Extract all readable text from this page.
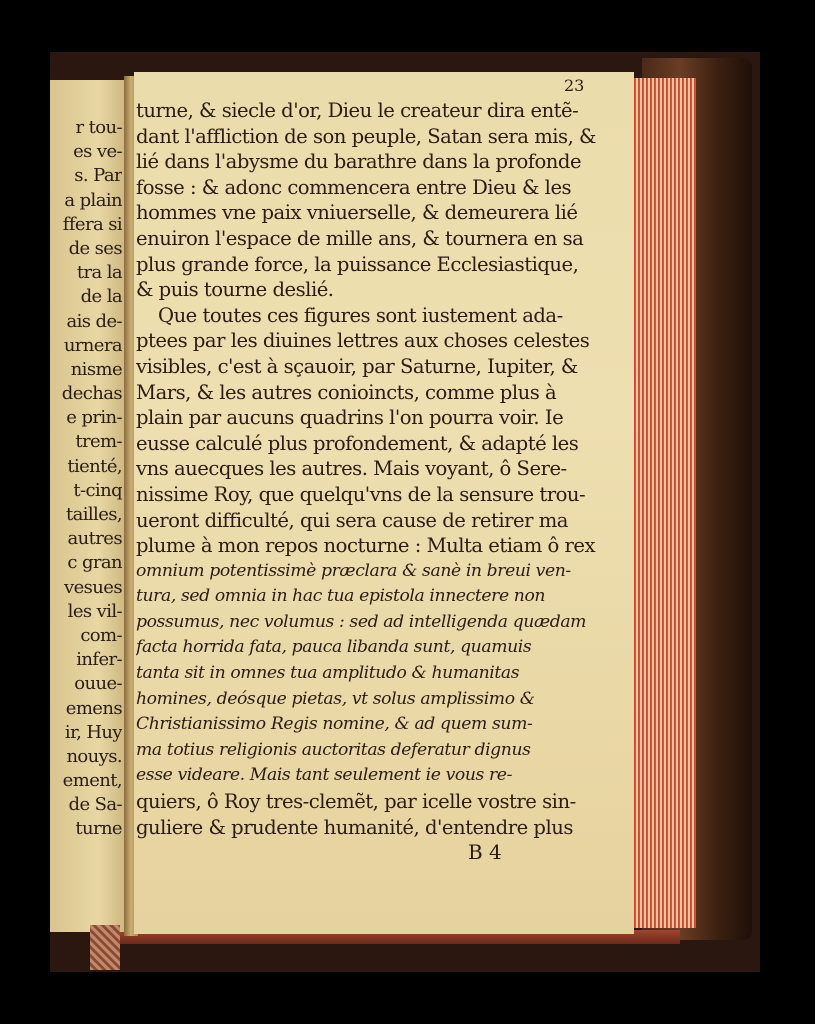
23
r tou-
es ve-
s. Par
a plain
ffera si
de ses
tra la
de la
ais de-
urnera
nisme
dechas
e prin-
trem-
tienté,
t-cinq
tailles,
autres
c gran
vesues
les vil-
com-
infer-
ouue-
emens
ir, Huy
nouys.
ement,
de Sa-
turne
turne, & siecle d'or, Dieu le createur dira entẽ-
dant l'affliction de son peuple, Satan sera mis, &
lié dans l'abysme du barathre dans la profonde
fosse : & adonc commencera entre Dieu & les
hommes vne paix vniuerselle, & demeurera lié
enuiron l'espace de mille ans, & tournera en sa
plus grande force, la puissance Ecclesiastique,
& puis tourne deslié.
Que toutes ces figures sont iustement ada-
ptees par les diuines lettres aux choses celestes
visibles, c'est à sçauoir, par Saturne, Iupiter, &
Mars, & les autres conioincts, comme plus à
plain par aucuns quadrins l'on pourra voir. Ie
eusse calculé plus profondement, & adapté les
vns auecques les autres. Mais voyant, ô Sere-
nissime Roy, que quelqu'vns de la sensure trou-
ueront difficulté, qui sera cause de retirer ma
plume à mon repos nocturne : Multa etiam ô rex
omnium potentissimè præclara & sanè in breui ven-
tura, sed omnia in hac tua epistola innectere non
possumus, nec volumus : sed ad intelligenda quædam
facta horrida fata, pauca libanda sunt, quamuis
tanta sit in omnes tua amplitudo & humanitas
homines, deósque pietas, vt solus amplissimo &
Christianissimo Regis nomine, & ad quem sum-
ma totius religionis auctoritas deferatur dignus
esse videare. Mais tant seulement ie vous re-
quiers, ô Roy tres-clemẽt, par icelle vostre sin-
guliere & prudente humanité, d'entendre plus
B 4
